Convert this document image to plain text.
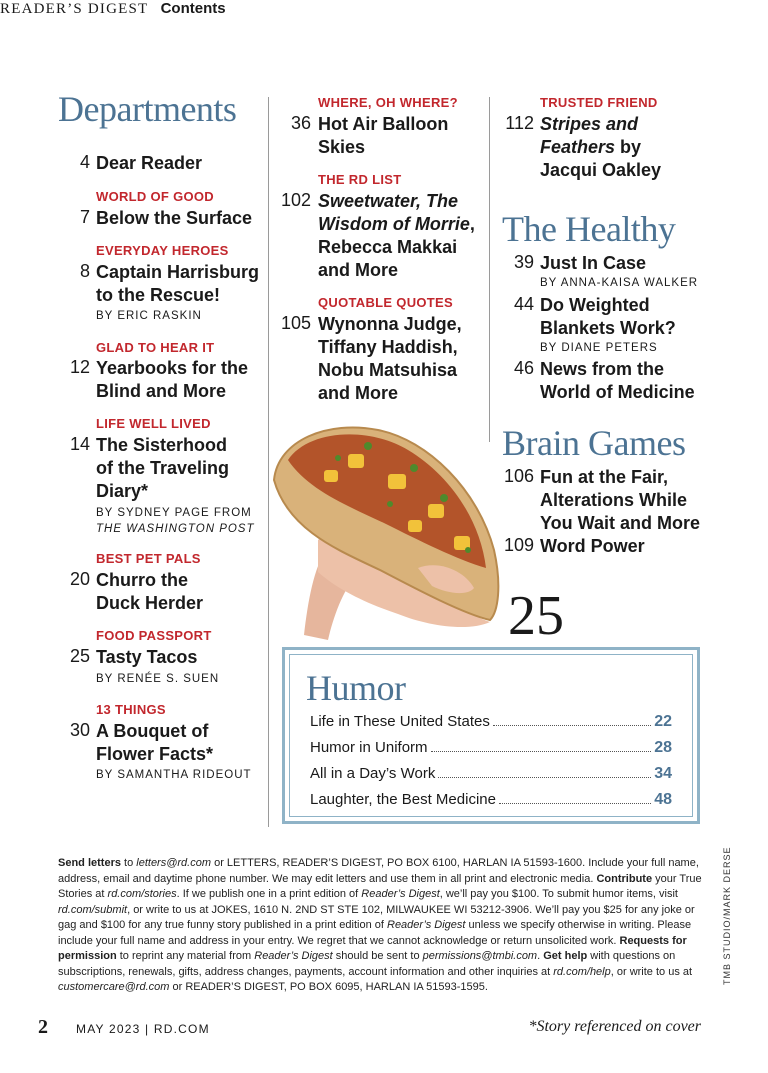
READER’S DIGEST Contents
Departments
4 Dear Reader
WORLD OF GOOD
7 Below the Surface
EVERYDAY HEROES
8 Captain Harrisburg to the Rescue!
BY ERIC RASKIN
GLAD TO HEAR IT
12 Yearbooks for the Blind and More
LIFE WELL LIVED
14 The Sisterhood of the Traveling Diary*
BY SYDNEY PAGE FROM
THE WASHINGTON POST
BEST PET PALS
20 Churro the Duck Herder
FOOD PASSPORT
25 Tasty Tacos
BY RENÉE S. SUEN
13 THINGS
30 A Bouquet of Flower Facts*
BY SAMANTHA RIDEOUT
WHERE, OH WHERE?
36 Hot Air Balloon Skies
THE RD LIST
102 Sweetwater, The Wisdom of Morrie, Rebecca Makkai and More
QUOTABLE QUOTES
105 Wynonna Judge, Tiffany Haddish, Nobu Matsuhisa and More
25
TRUSTED FRIEND
112 Stripes and Feathers by Jacqui Oakley
The Healthy
39 Just In Case
BY ANNA-KAISA WALKER
44 Do Weighted Blankets Work?
BY DIANE PETERS
46 News from the World of Medicine
Brain Games
106 Fun at the Fair, Alterations While You Wait and More
109 Word Power
Humor
Life in These United States	22
Humor in Uniform	28
All in a Day’s Work	34
Laughter, the Best Medicine	48
Send letters to letters@rd.com or LETTERS, READER’S DIGEST, PO BOX 6100, HARLAN IA 51593-1600. Include your full name, address, email and daytime phone number. We may edit letters and use them in all print and electronic media. Contribute your True Stories at rd.com/stories. If we publish one in a print edition of Reader’s Digest, we’ll pay you $100. To submit humor items, visit rd.com/submit, or write to us at JOKES, 1610 N. 2ND ST STE 102, MILWAUKEE WI 53212-3906. We’ll pay you $25 for any joke or gag and $100 for any true funny story published in a print edition of Reader’s Digest unless we specify otherwise in writing. Please include your full name and address in your entry. We regret that we cannot acknowledge or return unsolicited work. Requests for permission to reprint any material from Reader’s Digest should be sent to permissions@tmbi.com. Get help with questions on subscriptions, renewals, gifts, address changes, payments, account information and other inquiries at rd.com/help, or write to us at customercare@rd.com or READER’S DIGEST, PO BOX 6095, HARLAN IA 51593-1595.
TMB STUDIO/MARK DERSE
2 MAY 2023 | RD.COM	*Story referenced on cover
